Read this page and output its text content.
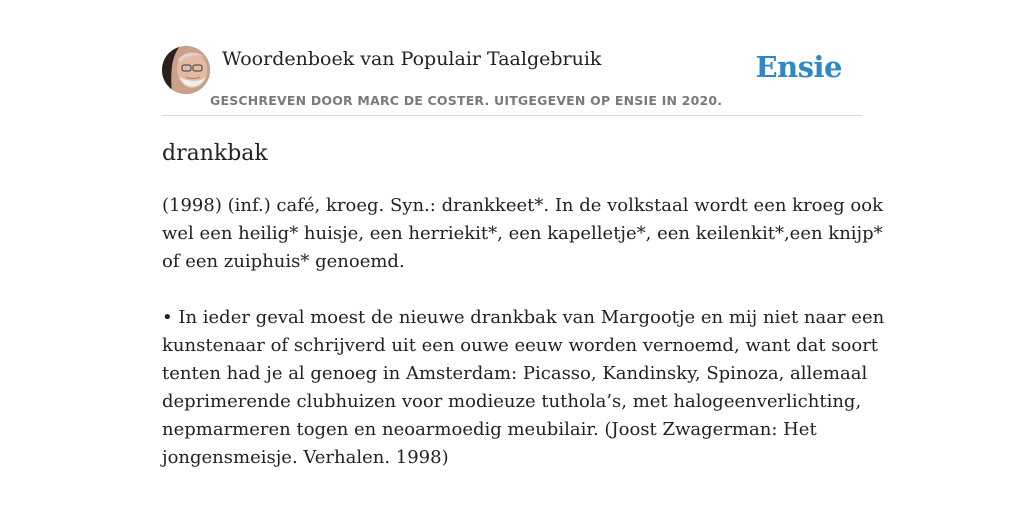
Woordenboek van Populair Taalgebruik
GESCHREVEN DOOR MARC DE COSTER. UITGEGEVEN OP ENSIE IN 2020.
Ensie
drankbak

(1998) (inf.) café, kroeg. Syn.: drankkeet*. In de volkstaal wordt een kroeg ook
wel een heilig* huisje, een herriekit*, een kapelletje*, een keilenkit*,een knijp*
of een zuiphuis* genoemd.

• In ieder geval moest de nieuwe drankbak van Margootje en mij niet naar een
kunstenaar of schrijverd uit een ouwe eeuw worden vernoemd, want dat soort
tenten had je al genoeg in Amsterdam: Picasso, Kandinsky, Spinoza, allemaal
deprimerende clubhuizen voor modieuze tuthola’s, met halogeenverlichting,
nepmarmeren togen en neoarmoedig meubilair. (Joost Zwagerman: Het
jongensmeisje. Verhalen. 1998)
